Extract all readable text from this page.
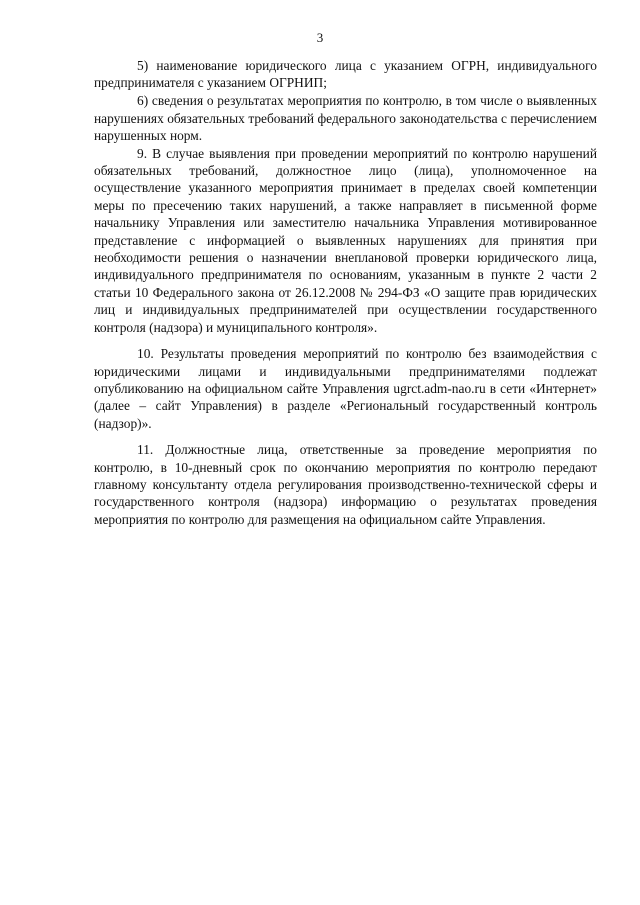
3

5) наименование юридического лица с указанием ОГРН, индивидуального предпринимателя с указанием ОГРНИП;

6) сведения о результатах мероприятия по контролю, в том числе о выявленных нарушениях обязательных требований федерального законодательства с перечислением нарушенных норм.

9. В случае выявления при проведении мероприятий по контролю нарушений обязательных требований, должностное лицо (лица), уполномоченное на осуществление указанного мероприятия принимает в пределах своей компетенции меры по пресечению таких нарушений, а также направляет в письменной форме начальнику Управления или заместителю начальника Управления мотивированное представление с информацией о выявленных нарушениях для принятия при необходимости решения о назначении внеплановой проверки юридического лица, индивидуального предпринимателя по основаниям, указанным в пункте 2 части 2 статьи 10 Федерального закона от 26.12.2008 № 294-ФЗ «О защите прав юридических лиц и индивидуальных предпринимателей при осуществлении государственного контроля (надзора) и муниципального контроля».

10. Результаты проведения мероприятий по контролю без взаимодействия с юридическими лицами и индивидуальными предпринимателями подлежат опубликованию на официальном сайте Управления ugrct.adm-nao.ru в сети «Интернет» (далее – сайт Управления) в разделе «Региональный государственный контроль (надзор)».

11. Должностные лица, ответственные за проведение мероприятия по контролю, в 10-дневный срок по окончанию мероприятия по контролю передают главному консультанту отдела регулирования производственно-технической сферы и государственного контроля (надзора) информацию о результатах проведения мероприятия по контролю для размещения на официальном сайте Управления.
